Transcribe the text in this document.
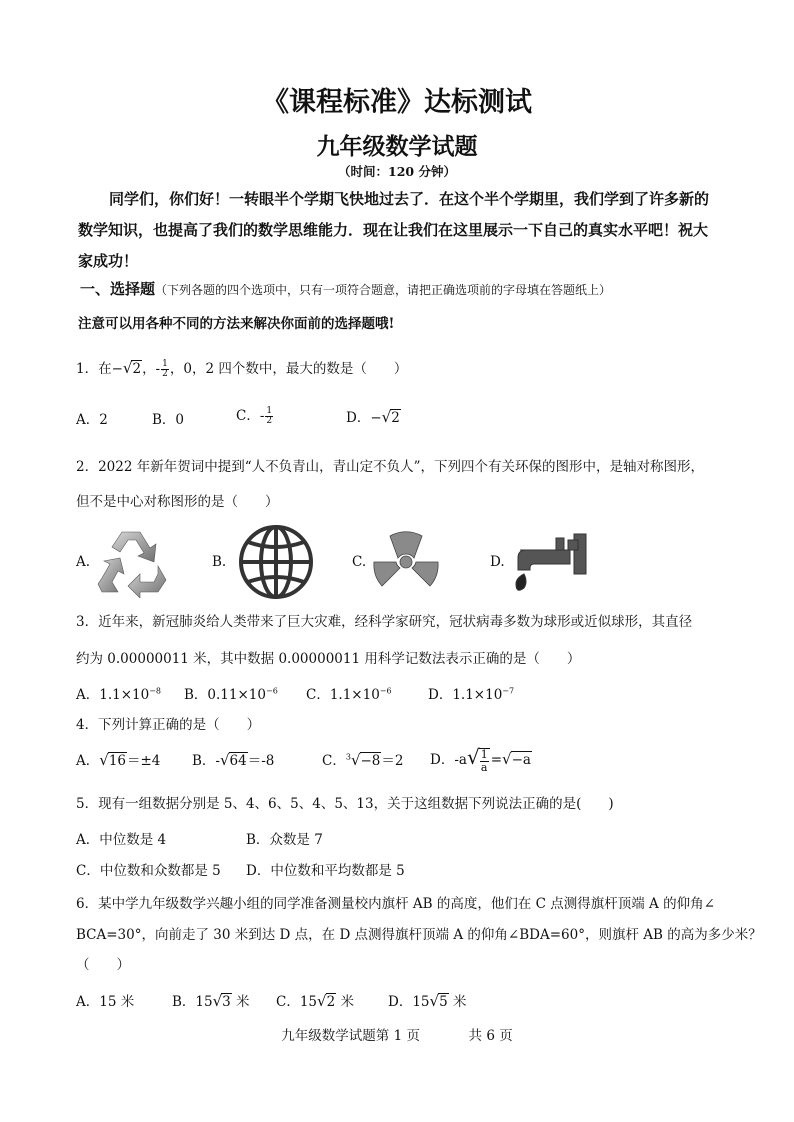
《课程标准》达标测试
九年级数学试题
（时间：120 分钟）
同学们，你们好！一转眼半个学期飞快地过去了．在这个半个学期里，我们学到了许多新的数学知识，也提高了我们的数学思维能力．现在让我们在这里展示一下自己的真实水平吧！祝大家成功！
一、选择题（下列各题的四个选项中，只有一项符合题意，请把正确选项前的字母填在答题纸上）
注意可以用各种不同的方法来解决你面前的选择题哦!
1．在−√2，- $\frac{1}{2}$ ，0，2 四个数中，最大的数是（　　）
A．2	B．0	C．- $\frac{1}{2}$	D．−√2
2．2022 年新年贺词中提到“人不负青山，青山定不负人”，下列四个有关环保的图形中，是轴对称图形，
但不是中心对称图形的是（　　）
A.	B.	C.	D.
3．近年来，新冠肺炎给人类带来了巨大灾难，经科学家研究，冠状病毒多数为球形或近似球形，其直径
约为 0.00000011 米，其中数据 0.00000011 用科学记数法表示正确的是（　　）
A．$1.1\times 10^{-8}$ B．$0.11\times 10^{-6}$ C．$1.1\times 10^{-6}$	D．$1.1\times 10^{-7}$
4．下列计算正确的是（　　）
A．√16＝±4 B．-√64＝-8	C．$^3$√−8＝2 D．$-a√ \frac{1}{a} =√-a$
5．现有一组数据分别是 5、4、6、5、4、5、13，关于这组数据下列说法正确的是(　　)
A．中位数是 4	B．众数是 7
C．中位数和众数都是 5 D．中位数和平均数都是 5
6．某中学九年级数学兴趣小组的同学准备测量校内旗杆 AB 的高度，他们在 C 点测得旗杆顶端 A 的仰角∠
BCA=30°，向前走了 30 米到达 D 点，在 D 点测得旗杆顶端 A 的仰角∠BDA=60°，则旗杆 AB 的高为多少米？
（　　）
A．15 米	B．15√3 米 C．15√2 米	D．15√5 米
九年级数学试题第 1 页	共 6 页
